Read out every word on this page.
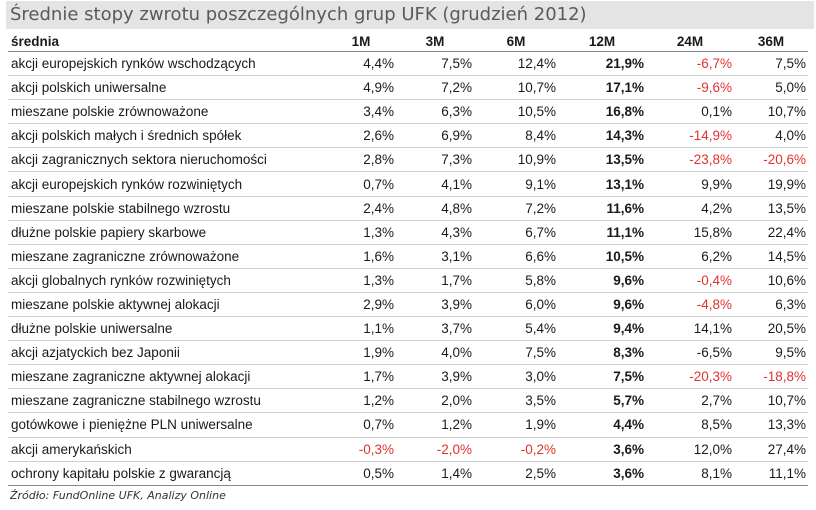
Średnie stopy zwrotu poszczególnych grup UFK (grudzień 2012)
średnia	1M	3M	6M	12M	24M	36M
akcji europejskich rynków wschodzących	4,4%	7,5%	12,4%	21,9%	-6,7%	7,5%
akcji polskich uniwersalne	4,9%	7,2%	10,7%	17,1%	-9,6%	5,0%
mieszane polskie zrównoważone	3,4%	6,3%	10,5%	16,8%	0,1%	10,7%
akcji polskich małych i średnich spółek	2,6%	6,9%	8,4%	14,3%	-14,9%	4,0%
akcji zagranicznych sektora nieruchomości	2,8%	7,3%	10,9%	13,5%	-23,8%	-20,6%
akcji europejskich rynków rozwiniętych	0,7%	4,1%	9,1%	13,1%	9,9%	19,9%
mieszane polskie stabilnego wzrostu	2,4%	4,8%	7,2%	11,6%	4,2%	13,5%
dłużne polskie papiery skarbowe	1,3%	4,3%	6,7%	11,1%	15,8%	22,4%
mieszane zagraniczne zrównoważone	1,6%	3,1%	6,6%	10,5%	6,2%	14,5%
akcji globalnych rynków rozwiniętych	1,3%	1,7%	5,8%	9,6%	-0,4%	10,6%
mieszane polskie aktywnej alokacji	2,9%	3,9%	6,0%	9,6%	-4,8%	6,3%
dłużne polskie uniwersalne	1,1%	3,7%	5,4%	9,4%	14,1%	20,5%
akcji azjatyckich bez Japonii	1,9%	4,0%	7,5%	8,3%	-6,5%	9,5%
mieszane zagraniczne aktywnej alokacji	1,7%	3,9%	3,0%	7,5%	-20,3%	-18,8%
mieszane zagraniczne stabilnego wzrostu	1,2%	2,0%	3,5%	5,7%	2,7%	10,7%
gotówkowe i pieniężne PLN uniwersalne	0,7%	1,2%	1,9%	4,4%	8,5%	13,3%
akcji amerykańskich	-0,3%	-2,0%	-0,2%	3,6%	12,0%	27,4%
ochrony kapitału polskie z gwarancją	0,5%	1,4%	2,5%	3,6%	8,1%	11,1%
Źródło: FundOnline UFK, Analizy Online
